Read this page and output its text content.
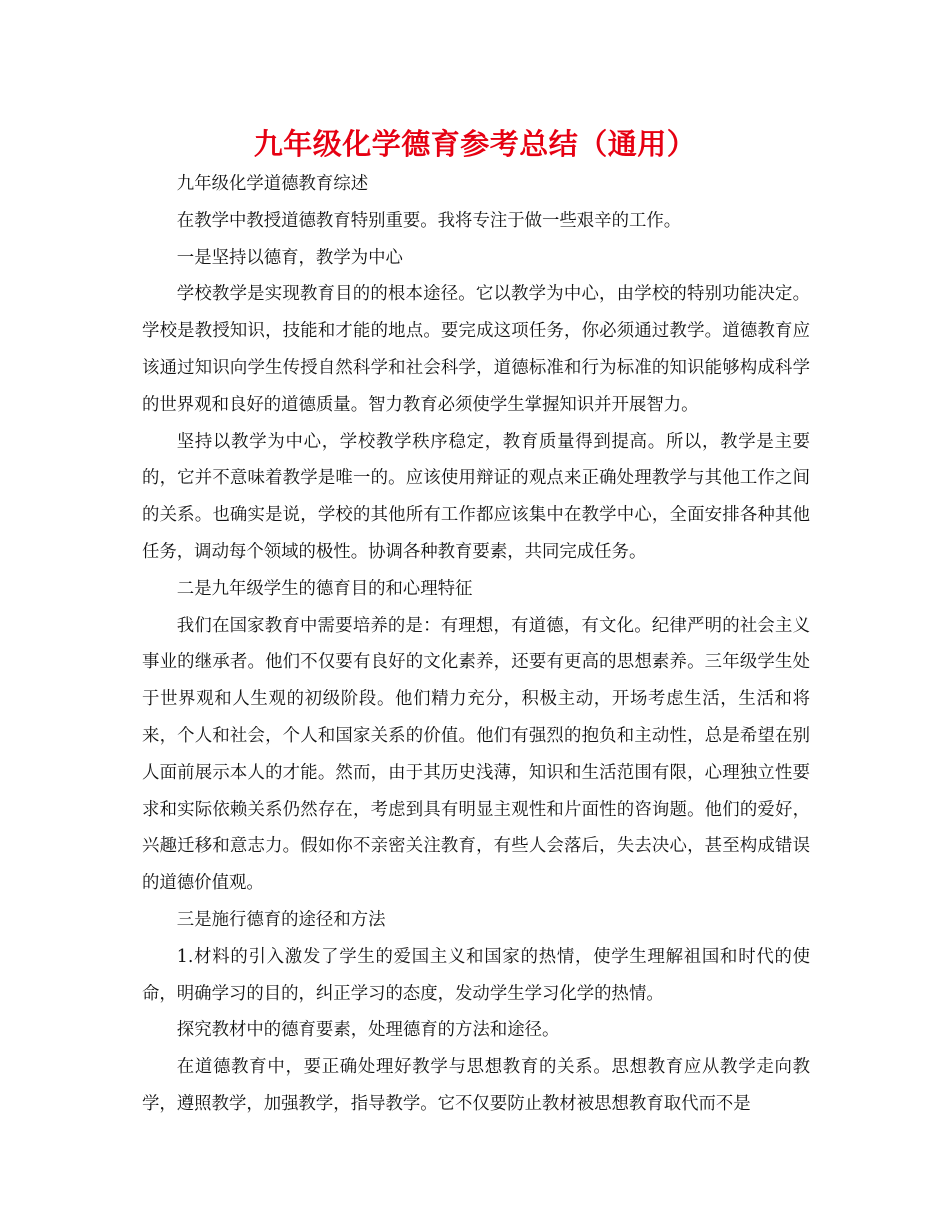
九年级化学德育参考总结（通用）

九年级化学道德教育综述

在教学中教授道德教育特别重要。我将专注于做一些艰辛的工作。

一是坚持以德育，教学为中心

学校教学是实现教育目的的根本途径。它以教学为中心，由学校的特别功能决定。学校是教授知识，技能和才能的地点。要完成这项任务，你必须通过教学。道德教育应该通过知识向学生传授自然科学和社会科学，道德标准和行为标准的知识能够构成科学的世界观和良好的道德质量。智力教育必须使学生掌握知识并开展智力。

坚持以教学为中心，学校教学秩序稳定，教育质量得到提高。所以，教学是主要的，它并不意味着教学是唯一的。应该使用辩证的观点来正确处理教学与其他工作之间的关系。也确实是说，学校的其他所有工作都应该集中在教学中心，全面安排各种其他任务，调动每个领域的极性。协调各种教育要素，共同完成任务。

二是九年级学生的德育目的和心理特征

我们在国家教育中需要培养的是：有理想，有道德，有文化。纪律严明的社会主义事业的继承者。他们不仅要有良好的文化素养，还要有更高的思想素养。三年级学生处于世界观和人生观的初级阶段。他们精力充分，积极主动，开场考虑生活，生活和将来，个人和社会，个人和国家关系的价值。他们有强烈的抱负和主动性，总是希望在别人面前展示本人的才能。然而，由于其历史浅薄，知识和生活范围有限，心理独立性要求和实际依赖关系仍然存在，考虑到具有明显主观性和片面性的咨询题。他们的爱好，兴趣迁移和意志力。假如你不亲密关注教育，有些人会落后，失去决心，甚至构成错误的道德价值观。

三是施行德育的途径和方法

1.材料的引入激发了学生的爱国主义和国家的热情，使学生理解祖国和时代的使命，明确学习的目的，纠正学习的态度，发动学生学习化学的热情。

探究教材中的德育要素，处理德育的方法和途径。

在道德教育中，要正确处理好教学与思想教育的关系。思想教育应从教学走向教学，遵照教学，加强教学，指导教学。它不仅要防止教材被思想教育取代而不是
